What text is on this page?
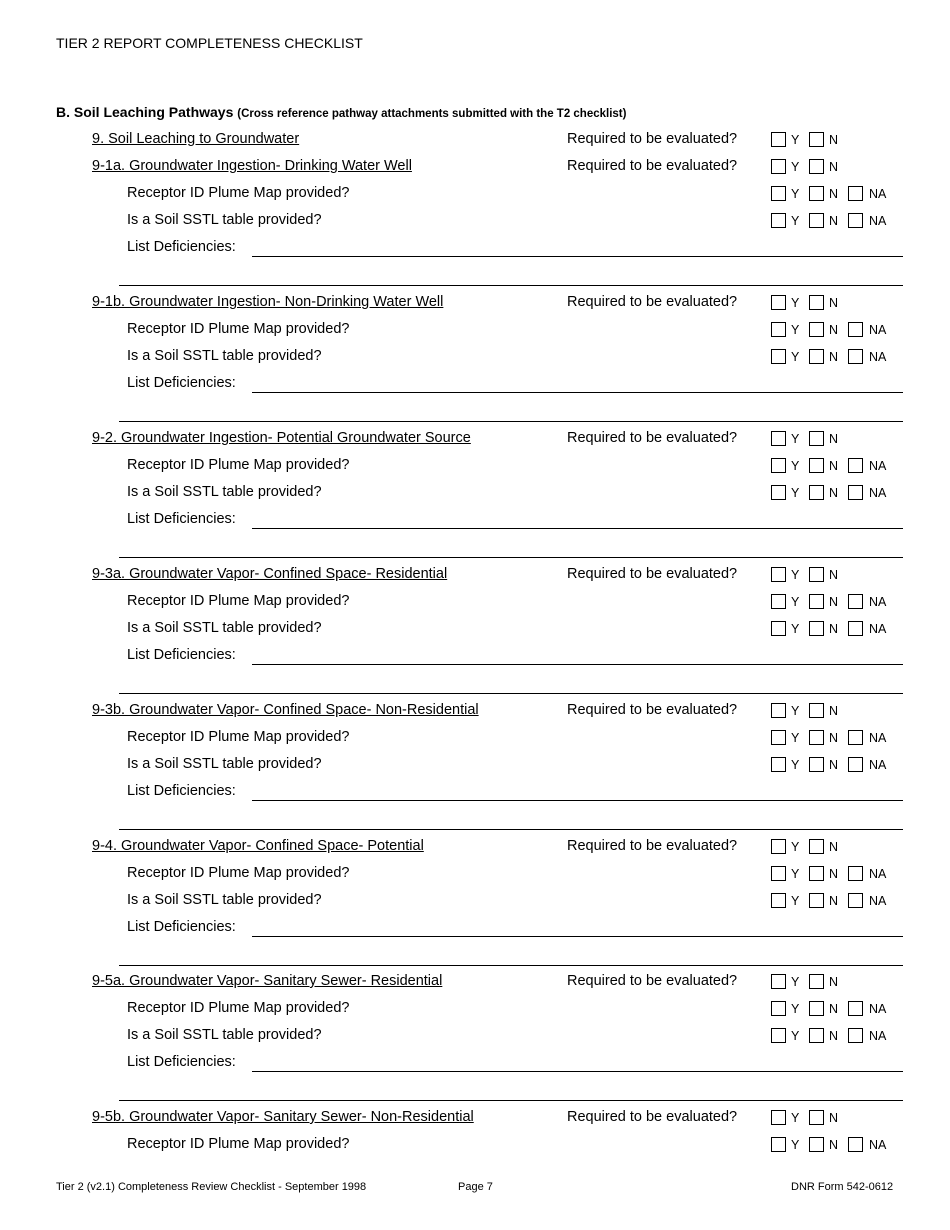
TIER 2 REPORT COMPLETENESS CHECKLIST
B. Soil Leaching Pathways (Cross reference pathway attachments submitted with the T2 checklist)
9. Soil Leaching to Groundwater	Required to be evaluated?	Y N
9-1a. Groundwater Ingestion- Drinking Water Well	Required to be evaluated?	Y N
Receptor ID Plume Map provided?	Y N NA
Is a Soil SSTL table provided?	Y N NA
List Deficiencies:
9-1b. Groundwater Ingestion- Non-Drinking Water Well	Required to be evaluated?	Y N
Receptor ID Plume Map provided?	Y N NA
Is a Soil SSTL table provided?	Y N NA
List Deficiencies:
9-2. Groundwater Ingestion- Potential Groundwater Source	Required to be evaluated?	Y N
Receptor ID Plume Map provided?	Y N NA
Is a Soil SSTL table provided?	Y N NA
List Deficiencies:
9-3a. Groundwater Vapor- Confined Space- Residential	Required to be evaluated?	Y N
Receptor ID Plume Map provided?	Y N NA
Is a Soil SSTL table provided?	Y N NA
List Deficiencies:
9-3b. Groundwater Vapor- Confined Space- Non-Residential	Required to be evaluated?	Y N
Receptor ID Plume Map provided?	Y N NA
Is a Soil SSTL table provided?	Y N NA
List Deficiencies:
9-4. Groundwater Vapor- Confined Space- Potential	Required to be evaluated?	Y N
Receptor ID Plume Map provided?	Y N NA
Is a Soil SSTL table provided?	Y N NA
List Deficiencies:
9-5a. Groundwater Vapor- Sanitary Sewer- Residential	Required to be evaluated?	Y N
Receptor ID Plume Map provided?	Y N NA
Is a Soil SSTL table provided?	Y N NA
List Deficiencies:
9-5b. Groundwater Vapor- Sanitary Sewer- Non-Residential	Required to be evaluated?	Y N
Receptor ID Plume Map provided?	Y N NA
Tier 2 (v2.1) Completeness Review Checklist - September 1998	Page 7	DNR Form 542-0612
